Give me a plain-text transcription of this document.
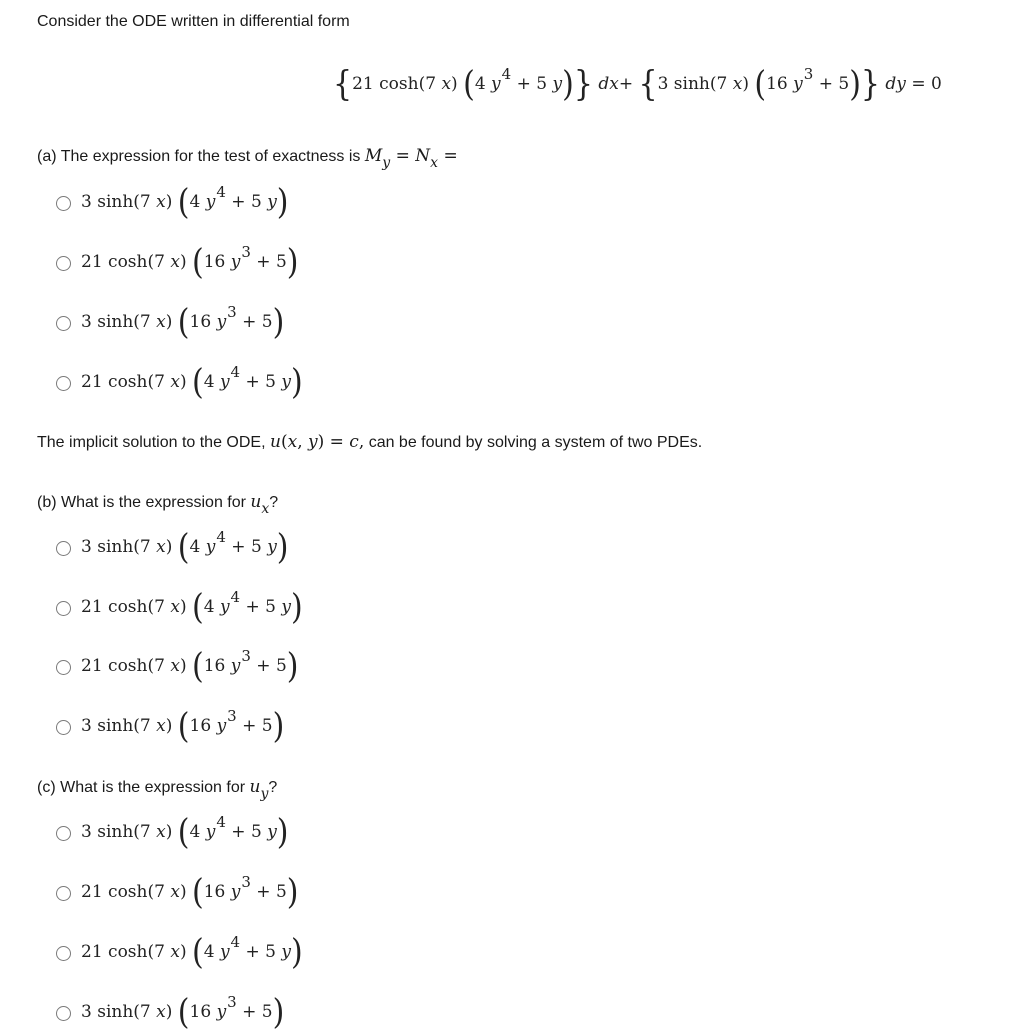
Consider the ODE written in differential form
{21 cosh(7 x) (4 y4 + 5 y)} dx+ {3 sinh(7 x) (16 y3 + 5)} dy = 0
(a) The expression for the test of exactness is $M_y = N_x$ =
3 sinh(7 x) (4 y4 + 5 y)
21 cosh(7 x) (16 y3 + 5)
3 sinh(7 x) (16 y3 + 5)
21 cosh(7 x) (4 y4 + 5 y)
The implicit solution to the ODE, u(x, y) = c, can be found by solving a system of two PDEs.
(b) What is the expression for $u_x$?
3 sinh(7 x) (4 y4 + 5 y)
21 cosh(7 x) (4 y4 + 5 y)
21 cosh(7 x) (16 y3 + 5)
3 sinh(7 x) (16 y3 + 5)
(c) What is the expression for $u_y$?
3 sinh(7 x) (4 y4 + 5 y)
21 cosh(7 x) (16 y3 + 5)
21 cosh(7 x) (4 y4 + 5 y)
3 sinh(7 x) (16 y3 + 5)
